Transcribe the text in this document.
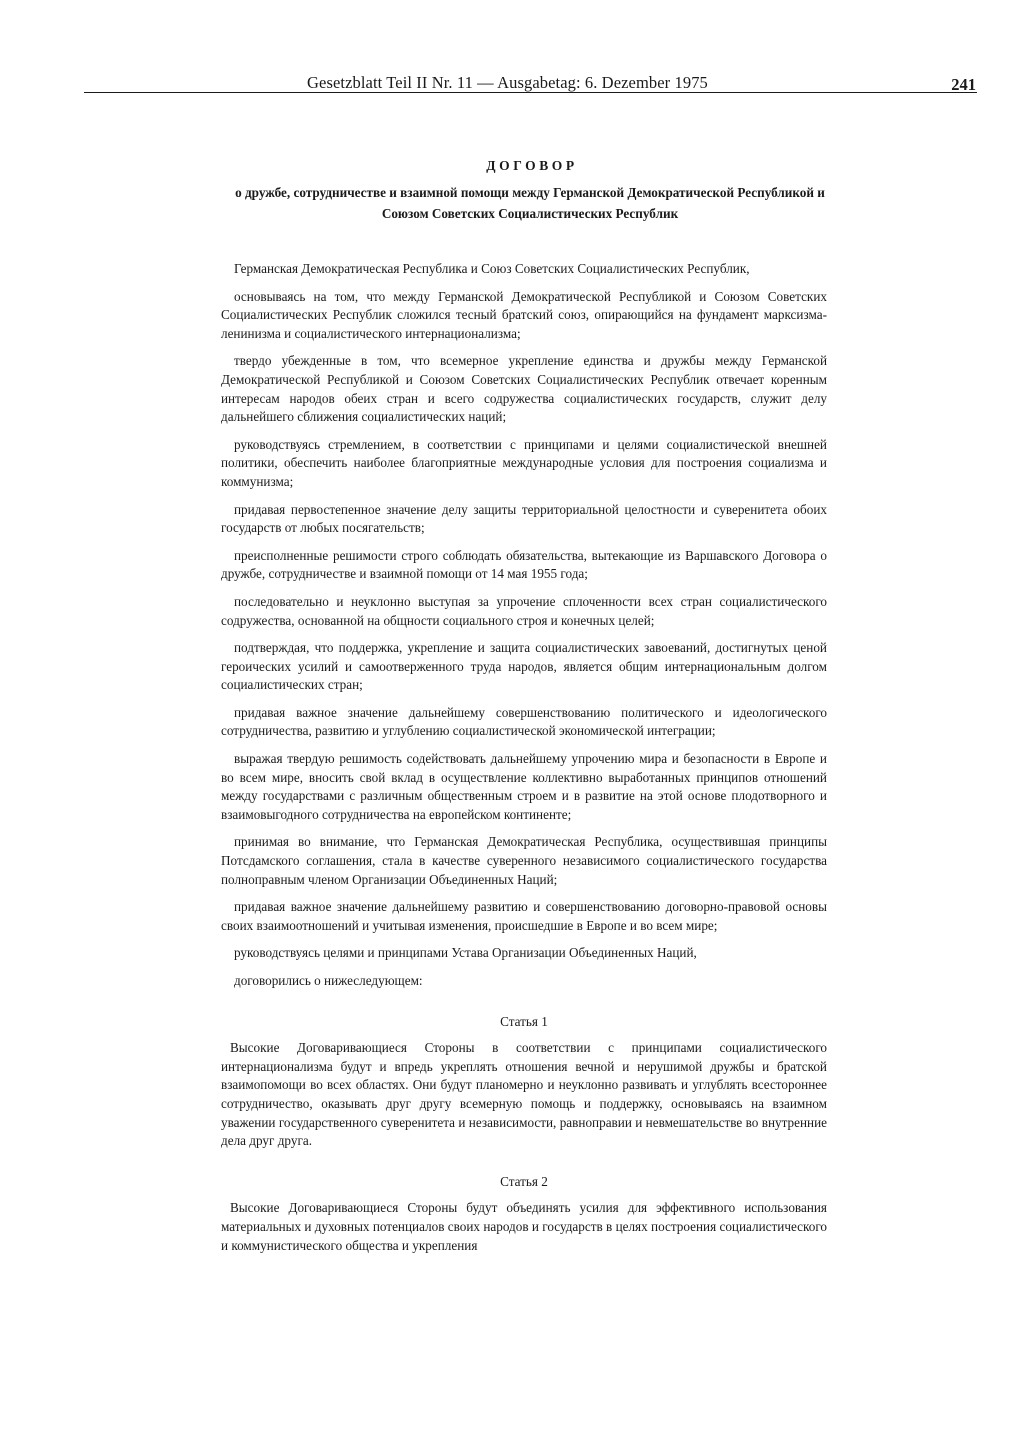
Gesetzblatt Teil II Nr. 11 — Ausgabetag: 6. Dezember 1975	241
ДОГОВОР
о дружбе, сотрудничестве и взаимной помощи между Германской Демократической Республикой и Союзом Советских Социалистических Республик

Германская Демократическая Республика и Союз Советских Социалистических Республик,

основываясь на том, что между Германской Демократической Республикой и Союзом Советских Социалистических Республик сложился тесный братский союз, опирающийся на фундамент марксизма-ленинизма и социалистического интернационализма;

твердо убежденные в том, что всемерное укрепление единства и дружбы между Германской Демократической Республикой и Союзом Советских Социалистических Республик отвечает коренным интересам народов обеих стран и всего содружества социалистических государств, служит делу дальнейшего сближения социалистических наций;

руководствуясь стремлением, в соответствии с принципами и целями социалистической внешней политики, обеспечить наиболее благоприятные международные условия для построения социализма и коммунизма;

придавая первостепенное значение делу защиты территориальной целостности и суверенитета обоих государств от любых посягательств;

преисполненные решимости строго соблюдать обязательства, вытекающие из Варшавского Договора о дружбе, сотрудничестве и взаимной помощи от 14 мая 1955 года;

последовательно и неуклонно выступая за упрочение сплоченности всех стран социалистического содружества, основанной на общности социального строя и конечных целей;

подтверждая, что поддержка, укрепление и защита социалистических завоеваний, достигнутых ценой героических усилий и самоотверженного труда народов, является общим интернациональным долгом социалистических стран;

придавая важное значение дальнейшему совершенствованию политического и идеологического сотрудничества, развитию и углублению социалистической экономической интеграции;

выражая твердую решимость содействовать дальнейшему упрочению мира и безопасности в Европе и во всем мире, вносить свой вклад в осуществление коллективно выработанных принципов отношений между государствами с различным общественным строем и в развитие на этой основе плодотворного и взаимовыгодного сотрудничества на европейском континенте;

принимая во внимание, что Германская Демократическая Республика, осуществившая принципы Потсдамского соглашения, стала в качестве суверенного независимого социалистического государства полноправным членом Организации Объединенных Наций;

придавая важное значение дальнейшему развитию и совершенствованию договорно-правовой основы своих взаимоотношений и учитывая изменения, происшедшие в Европе и во всем мире;

руководствуясь целями и принципами Устава Организации Объединенных Наций,

договорились о нижеследующем:

Статья 1

Высокие Договаривающиеся Стороны в соответствии с принципами социалистического интернационализма будут и впредь укреплять отношения вечной и нерушимой дружбы и братской взаимопомощи во всех областях. Они будут планомерно и неуклонно развивать и углублять всестороннее сотрудничество, оказывать друг другу всемерную помощь и поддержку, основываясь на взаимном уважении государственного суверенитета и независимости, равноправии и невмешательстве во внутренние дела друг друга.

Статья 2

Высокие Договаривающиеся Стороны будут объединять усилия для эффективного использования материальных и духовных потенциалов своих народов и государств в целях построения социалистического и коммунистического общества и укрепления
